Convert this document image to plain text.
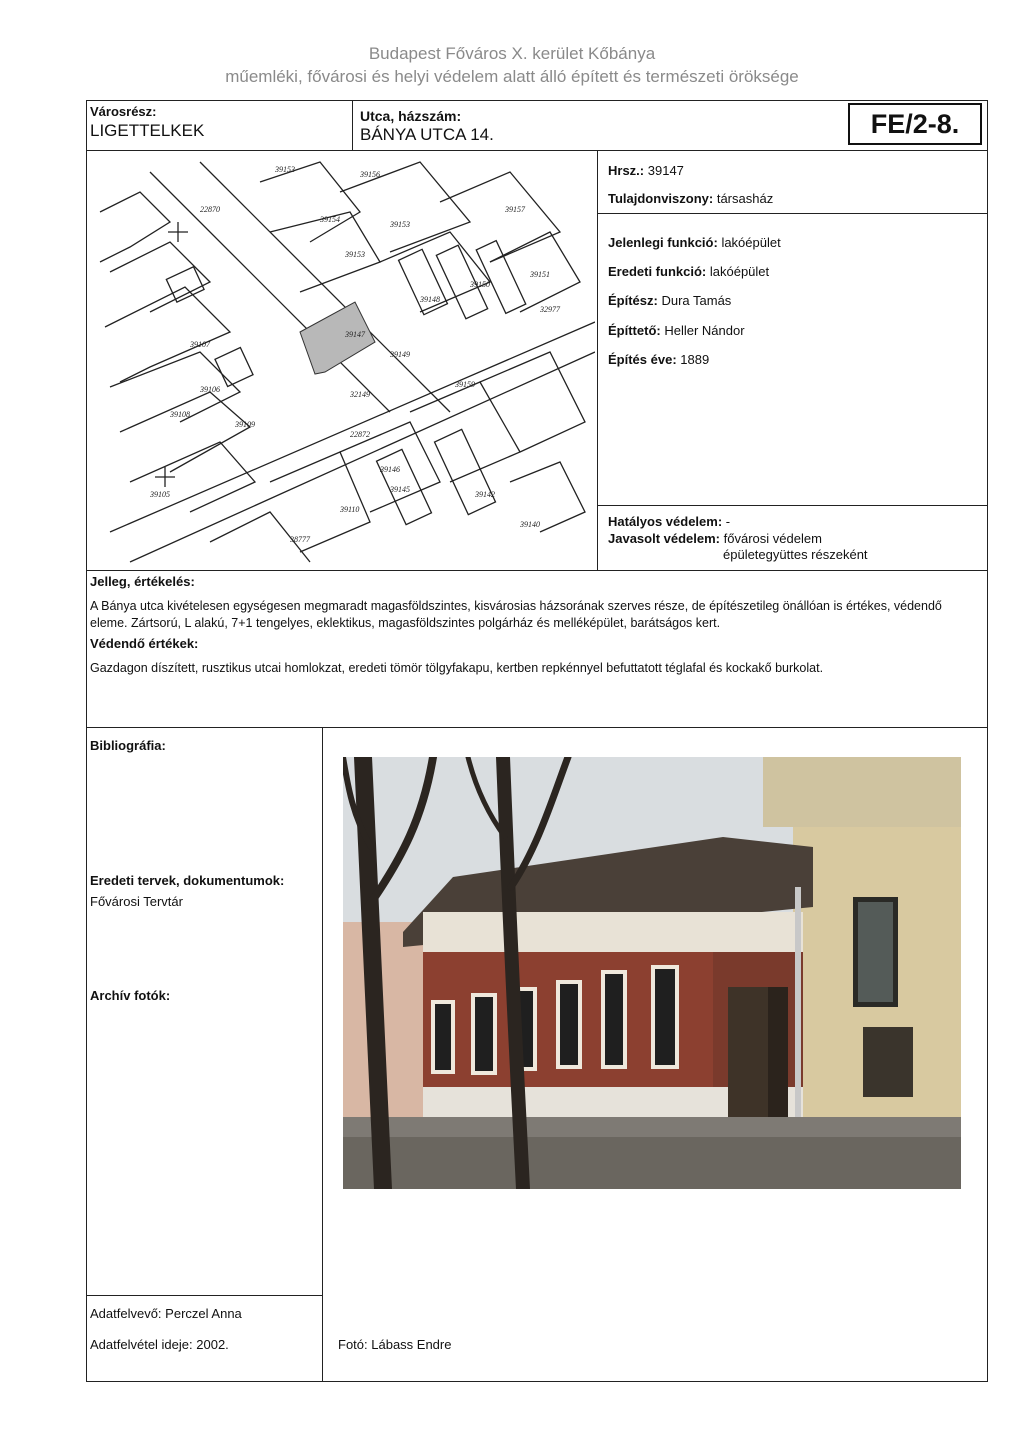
Budapest Főváros X. kerület Kőbánya
műemléki, fővárosi és helyi védelem alatt álló épített és természeti öröksége
Városrész:
LIGETTELKEK
Utca, házszám:
BÁNYA UTCA 14.	FE/2-8.
39153
39156
39154
39153
39153
39150
39151
39147
39148
39107
39106
39108
39109
39149
39159
39146
39145
39142
39140
39110
38777
32149
39157
32977
39105
22870
22872
Hrsz.: 39147
Tulajdonviszony: társasház
Jelenlegi funkció: lakóépület
Eredeti funkció: lakóépület
Építész: Dura Tamás
Építtető: Heller Nándor
Építés éve: 1889
Hatályos védelem: -
Javasolt védelem: fővárosi védelem
épületegyüttes részeként
Jelleg, értékelés:
A Bánya utca kivételesen egységesen megmaradt magasföldszintes, kisvárosias házsorának szerves része, de építészetileg önállóan is értékes, védendő eleme. Zártsorú, L alakú, 7+1 tengelyes, eklektikus, magasföldszintes polgárház és melléképület, barátságos kert.
Védendő értékek:
Gazdagon díszített, rusztikus utcai homlokzat, eredeti tömör tölgyfakapu, kertben repkénnyel befuttatott téglafal és kockakő burkolat.
Bibliográfia:
Eredeti tervek, dokumentumok:
Fővárosi Tervtár
Archív fotók:
Adatfelvevő: Perczel Anna
Adatfelvétel ideje: 2002.	Fotó: Lábass Endre
